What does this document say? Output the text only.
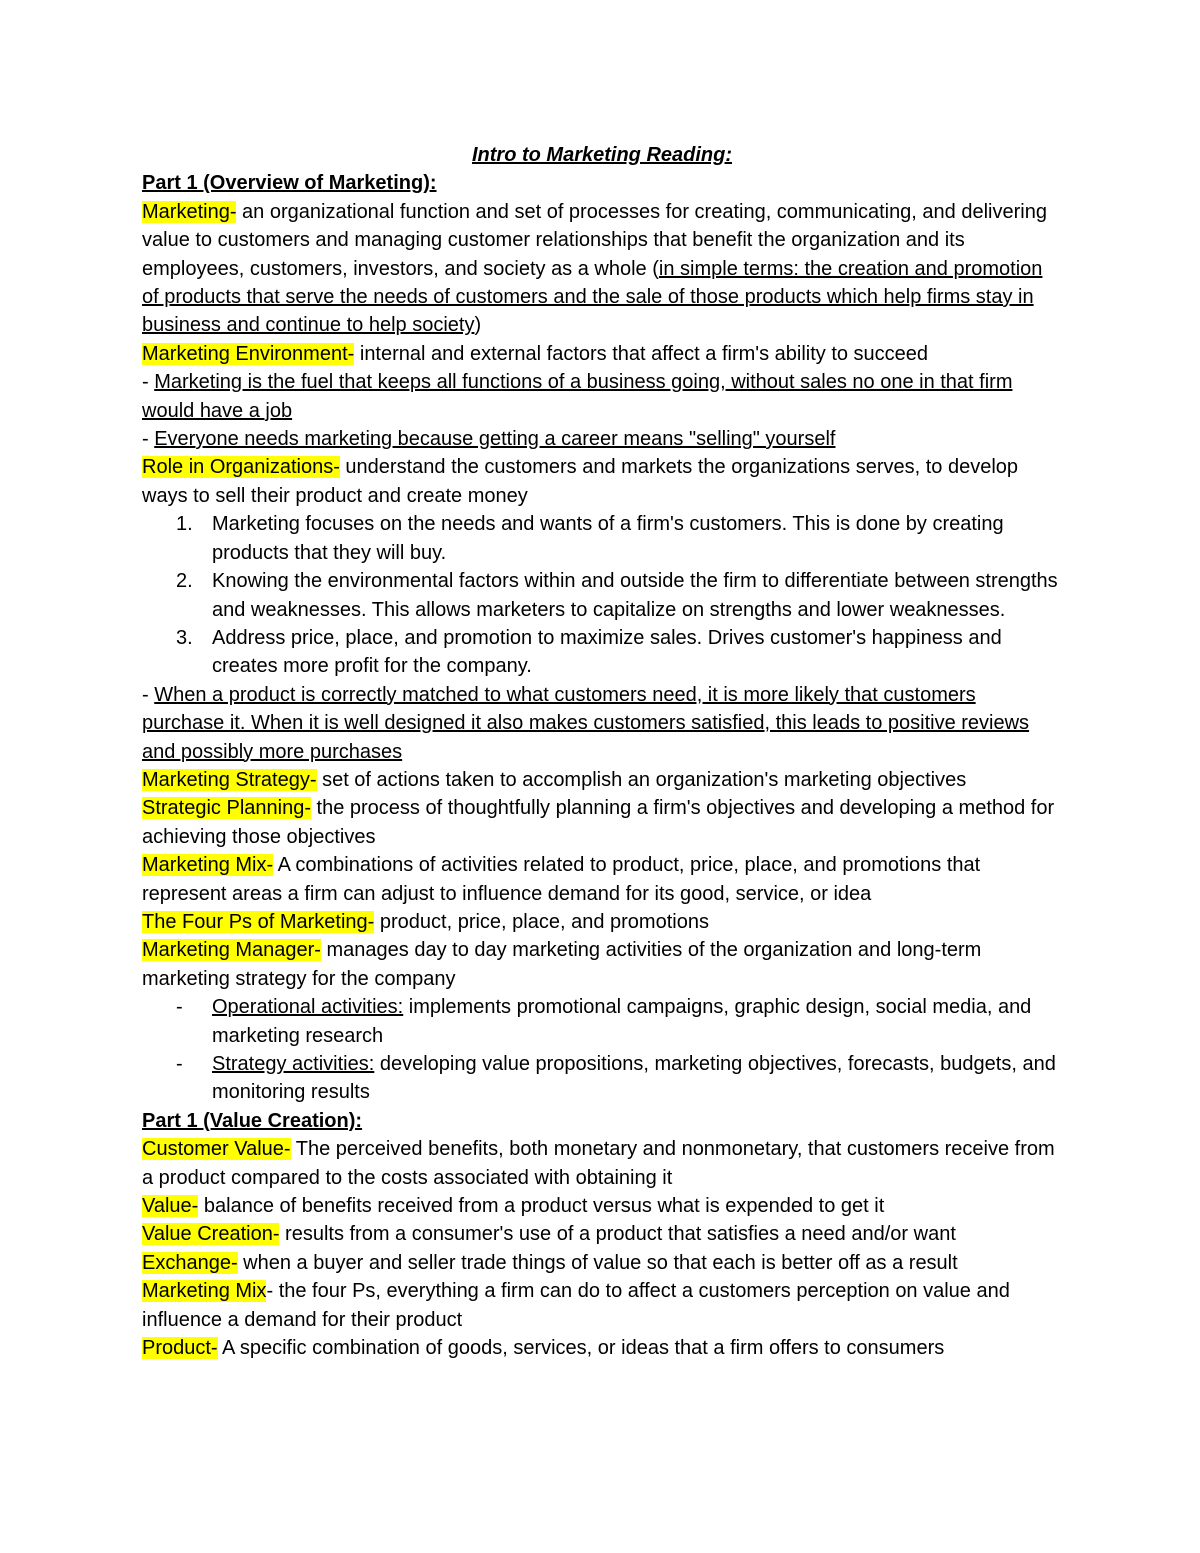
Intro to Marketing Reading:

Part 1 (Overview of Marketing):

Marketing- an organizational function and set of processes for creating, communicating, and delivering value to customers and managing customer relationships that benefit the organization and its employees, customers, investors, and society as a whole (in simple terms: the creation and promotion of products that serve the needs of customers and the sale of those products which help firms stay in business and continue to help society)

Marketing Environment- internal and external factors that affect a firm's ability to succeed

- Marketing is the fuel that keeps all functions of a business going, without sales no one in that firm would have a job

- Everyone needs marketing because getting a career means "selling" yourself

Role in Organizations- understand the customers and markets the organizations serves, to develop ways to sell their product and create money

1. Marketing focuses on the needs and wants of a firm's customers. This is done by creating products that they will buy.
2. Knowing the environmental factors within and outside the firm to differentiate between strengths and weaknesses. This allows marketers to capitalize on strengths and lower weaknesses.
3. Address price, place, and promotion to maximize sales. Drives customer's happiness and creates more profit for the company.

- When a product is correctly matched to what customers need, it is more likely that customers purchase it. When it is well designed it also makes customers satisfied, this leads to positive reviews and possibly more purchases

Marketing Strategy- set of actions taken to accomplish an organization's marketing objectives

Strategic Planning- the process of thoughtfully planning a firm's objectives and developing a method for achieving those objectives

Marketing Mix- A combinations of activities related to product, price, place, and promotions that represent areas a firm can adjust to influence demand for its good, service, or idea

The Four Ps of Marketing- product, price, place, and promotions

Marketing Manager- manages day to day marketing activities of the organization and long-term marketing strategy for the company

- Operational activities: implements promotional campaigns, graphic design, social media, and marketing research
- Strategy activities: developing value propositions, marketing objectives, forecasts, budgets, and monitoring results

Part 1 (Value Creation):

Customer Value- The perceived benefits, both monetary and nonmonetary, that customers receive from a product compared to the costs associated with obtaining it

Value- balance of benefits received from a product versus what is expended to get it

Value Creation- results from a consumer's use of a product that satisfies a need and/or want

Exchange- when a buyer and seller trade things of value so that each is better off as a result

Marketing Mix- the four Ps, everything a firm can do to affect a customers perception on value and influence a demand for their product

Product- A specific combination of goods, services, or ideas that a firm offers to consumers
